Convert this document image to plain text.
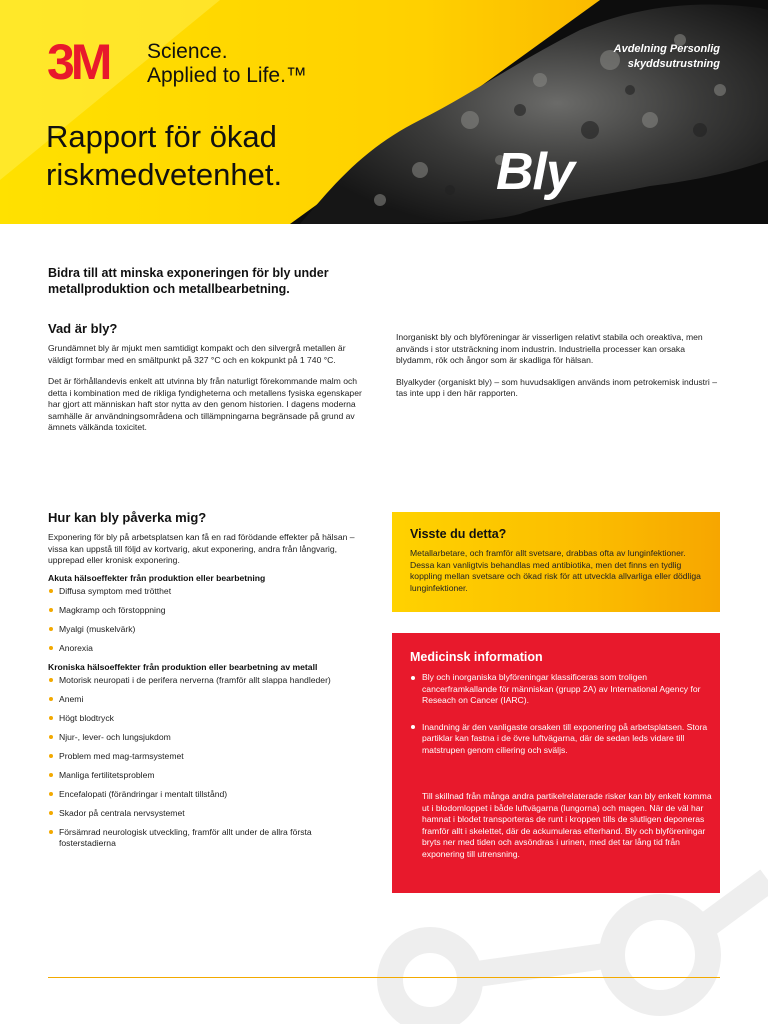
3M Science.
Applied to Life.™
Avdelning Personlig
skyddsutrustning
Rapport för ökad
riskmedvetenhet.	Bly

Bidra till att minska exponeringen för bly under metallproduktion och metallbearbetning.

Vad är bly?

Grundämnet bly är mjukt men samtidigt kompakt och den silvergrå metallen är väldigt formbar med en smältpunkt på 327 °C och en kokpunkt på 1 740 °C.

Det är förhållandevis enkelt att utvinna bly från naturligt förekommande malm och detta i kombination med de rikliga fyndigheterna och metallens fysiska egenskaper har gjort att människan haft stor nytta av den genom historien. I dagens moderna samhälle är användningsområdena och tillämpningarna begränsade på grund av ämnets välkända toxicitet.

Inorganiskt bly och blyföreningar är visserligen relativt stabila och oreaktiva, men används i stor utsträckning inom industrin. Industriella processer kan orsaka blydamm, rök och ångor som är skadliga för hälsan.

Blyalkyder (organiskt bly) – som huvudsakligen används inom petrokemisk industri – tas inte upp i den här rapporten.

Hur kan bly påverka mig?

Exponering för bly på arbetsplatsen kan få en rad förödande effekter på hälsan – vissa kan uppstå till följd av kortvarig, akut exponering, andra från långvarig, upprepad eller kronisk exponering.

Akuta hälsoeffekter från produktion eller bearbetning

Diffusa symptom med trötthet
Magkramp och förstoppning
Myalgi (muskelvärk)
Anorexia

Kroniska hälsoeffekter från produktion eller bearbetning av metall

Motorisk neuropati i de perifera nerverna (framför allt slappa handleder)
Anemi
Högt blodtryck
Njur-, lever- och lungsjukdom
Problem med mag-tarmsystemet
Manliga fertilitetsproblem
Encefalopati (förändringar i mentalt tillstånd)
Skador på centrala nervsystemet
Försämrad neurologisk utveckling, framför allt under de allra första fosterstadierna
Visste du detta?

Metallarbetare, och framför allt svetsare, drabbas ofta av lunginfektioner. Dessa kan vanligtvis behandlas med antibiotika, men det finns en tydlig koppling mellan svetsare och ökad risk för att utveckla allvarliga eller dödliga lunginfektioner.

Medicinsk information
Bly och inorganiska blyföreningar klassificeras som troligen cancerframkallande för människan (grupp 2A) av International Agency for Reseach on Cancer (IARC).
Inandning är den vanligaste orsaken till exponering på arbetsplatsen. Stora partiklar kan fastna i de övre luftvägarna, där de sedan leds vidare till matstrupen genom ciliering och sväljs.

Till skillnad från många andra partikelrelaterade risker kan bly enkelt komma ut i blodomloppet i både luftvägarna (lungorna) och magen. När de väl har hamnat i blodet transporteras de runt i kroppen tills de slutligen deponeras framför allt i skelettet, där de ackumuleras efterhand. Bly och blyföreningar bryts ner med tiden och avsöndras i urinen, med det tar lång tid från exponering till utrensning.
